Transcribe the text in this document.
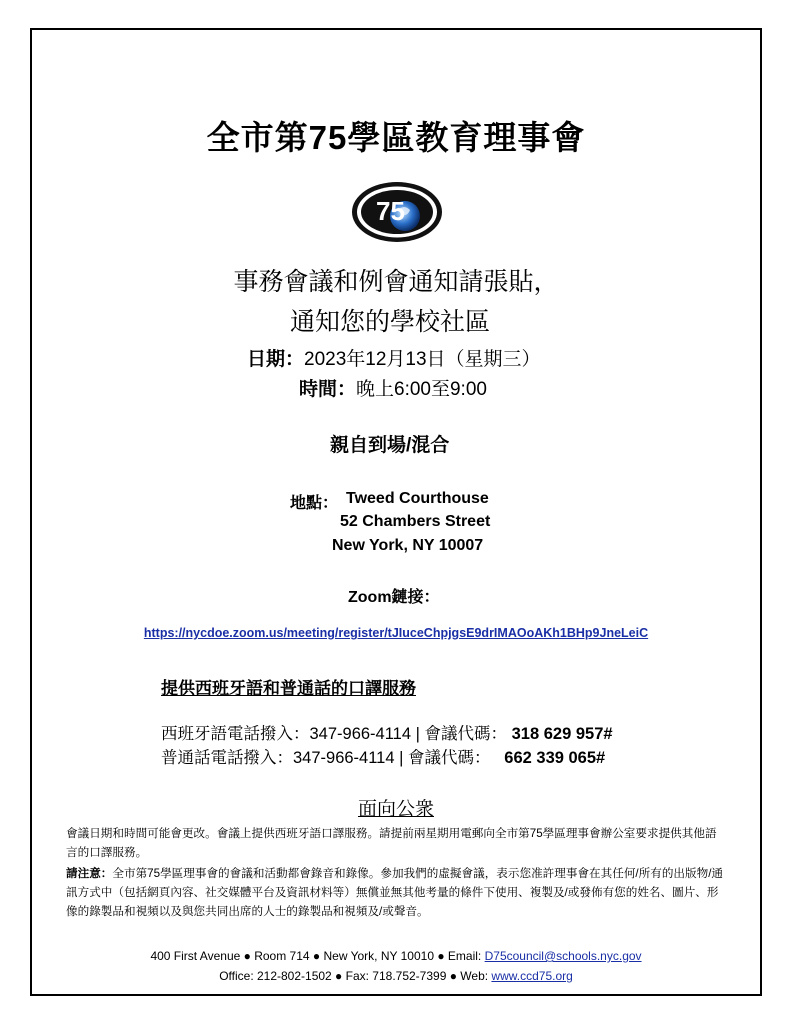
全市第75學區教育理事會
75
事務會議和例會通知請張貼，
通知您的學校社區
日期：2023年12月13日（星期三）
時間：晚上6:00至9:00
親自到場/混合
地點： Tweed Courthouse
52 Chambers Street
New York, NY 10007
Zoom鏈接：
https://nycdoe.zoom.us/meeting/register/tJIuceChpjgsE9drIMAOoAKh1BHp9JneLeiC
提供西班牙語和普通話的口譯服務
西班牙語電話撥入：347-966-4114 | 會議代碼： 318 629 957#
普通話電話撥入：347-966-4114 | 會議代碼： 662 339 065#
面向公衆

會議日期和時間可能會更改。會議上提供西班牙語口譯服務。請提前兩星期用電郵向全市第75學區理事會辦公室要求提供其他語言的口譯服務。

請注意：全市第75學區理事會的會議和活動都會錄音和錄像。參加我們的虛擬會議，表示您准許理事會在其任何/所有的出版物/通訊方式中（包括網頁內容、社交媒體平台及資訊材料等）無償並無其他考量的條件下使用、複製及/或發佈有您的姓名、圖片、形像的錄製品和視頻以及與您共同出席的人士的錄製品和視頻及/或聲音。

400 First Avenue ● Room 714 ● New York, NY 10010 ● Email: D75council@schools.nyc.gov
Office: 212-802-1502 ● Fax: 718.752-7399 ● Web: www.ccd75.org
